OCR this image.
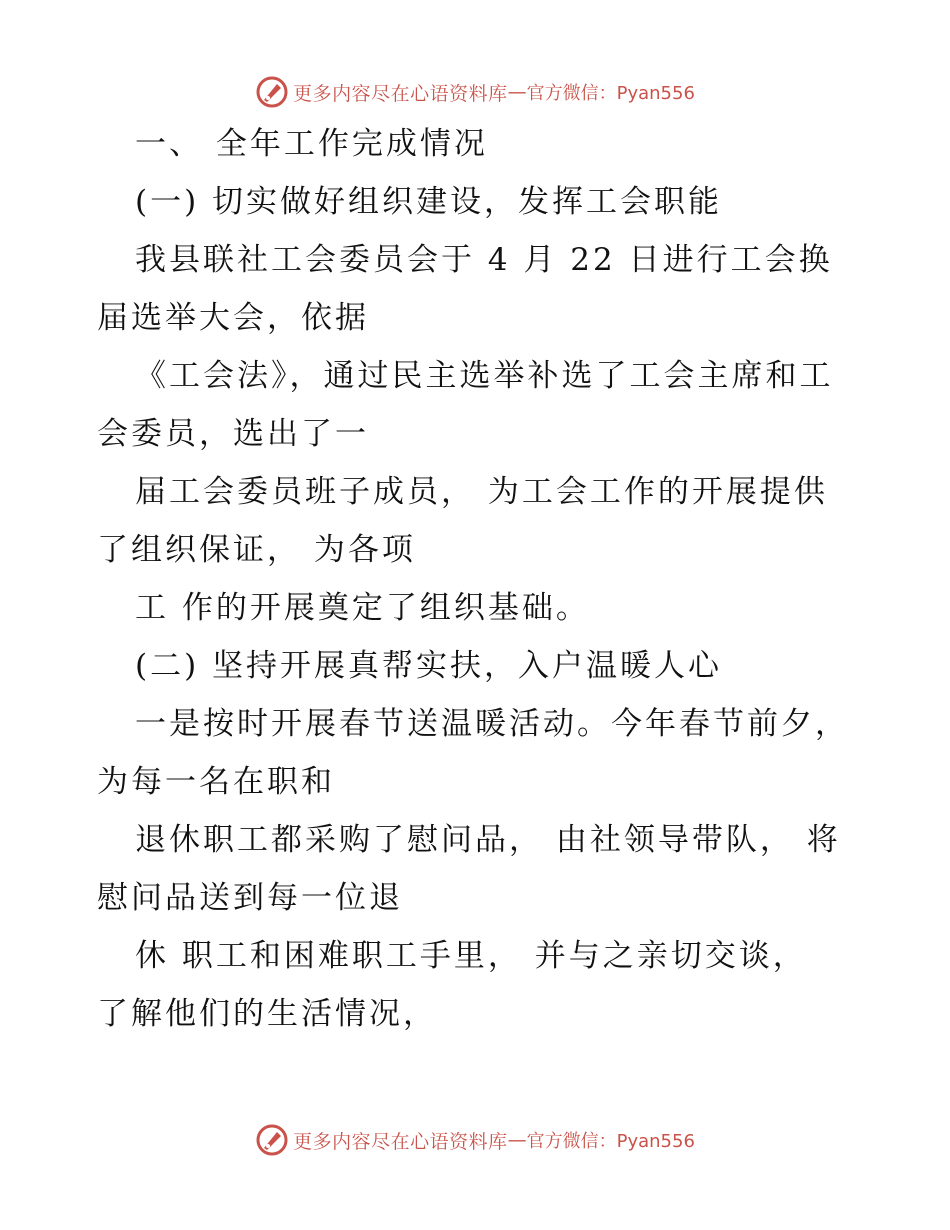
更多内容尽在心语资料库 — 官方微信：Pyan556
一、 全年工作完成情况
(一) 切实做好组织建设，发挥工会职能
我县联社工会委员会于 4 月 22 日进行工会换
届选举大会，依据
《工会法》，通过民主选举补选了工会主席和工
会委员，选出了一
届工会委员班子成员， 为工会工作的开展提供
了组织保证， 为各项
工 作的开展奠定了组织基础。
(二) 坚持开展真帮实扶，入户温暖人心
一是按时开展春节送温暖活动。今年春节前夕，
为每一名在职和
退休职工都采购了慰问品， 由社领导带队， 将
慰问品送到每一位退
休 职工和困难职工手里， 并与之亲切交谈，
了解他们的生活情况，
更多内容尽在心语资料库 — 官方微信：Pyan556
